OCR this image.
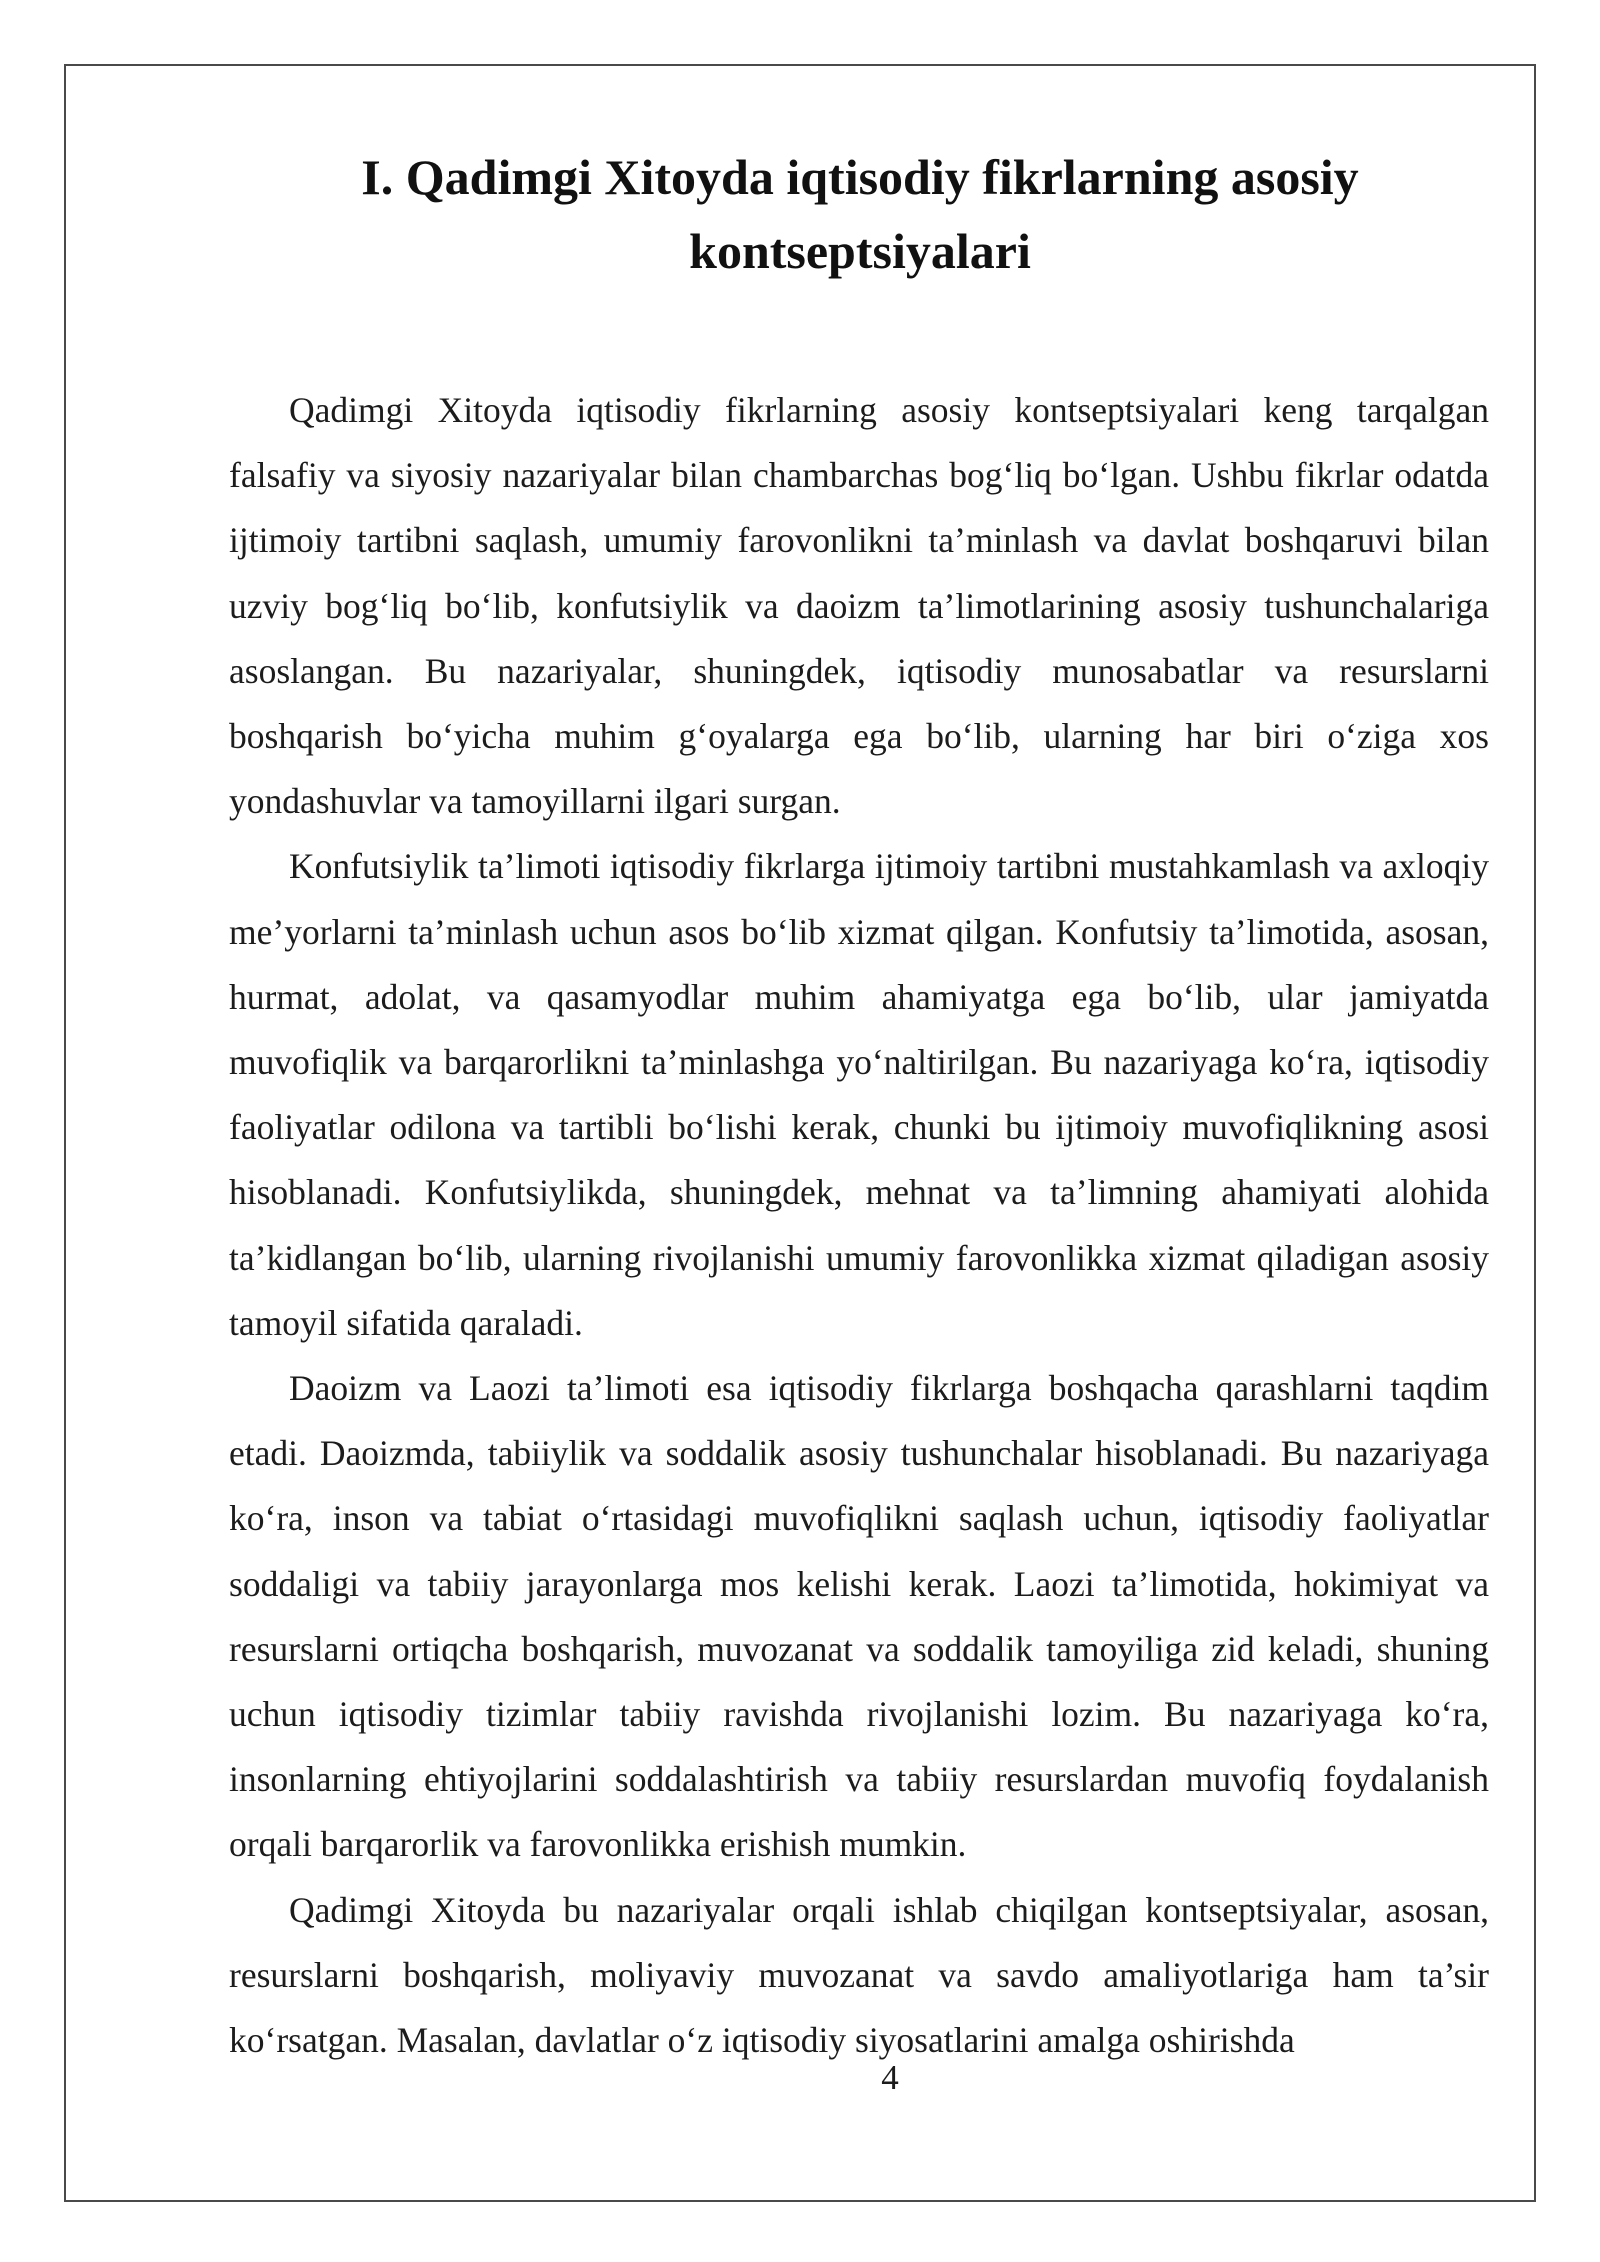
I. Qadimgi Xitoyda iqtisodiy fikrlarning asosiy kontseptsiyalari

Qadimgi Xitoyda iqtisodiy fikrlarning asosiy kontseptsiyalari keng tarqalgan falsafiy va siyosiy nazariyalar bilan chambarchas bog‘liq bo‘lgan. Ushbu fikrlar odatda ijtimoiy tartibni saqlash, umumiy farovonlikni ta’minlash va davlat boshqaruvi bilan uzviy bog‘liq bo‘lib, konfutsiylik va daoizm ta’limotlarining asosiy tushunchalariga asoslangan. Bu nazariyalar, shuningdek, iqtisodiy munosabatlar va resurslarni boshqarish bo‘yicha muhim g‘oyalarga ega bo‘lib, ularning har biri o‘ziga xos yondashuvlar va tamoyillarni ilgari surgan.

Konfutsiylik ta’limoti iqtisodiy fikrlarga ijtimoiy tartibni mustahkamlash va axloqiy me’yorlarni ta’minlash uchun asos bo‘lib xizmat qilgan. Konfutsiy ta’limotida, asosan, hurmat, adolat, va qasamyodlar muhim ahamiyatga ega bo‘lib, ular jamiyatda muvofiqlik va barqarorlikni ta’minlashga yo‘naltirilgan. Bu nazariyaga ko‘ra, iqtisodiy faoliyatlar odilona va tartibli bo‘lishi kerak, chunki bu ijtimoiy muvofiqlikning asosi hisoblanadi. Konfutsiylikda, shuningdek, mehnat va ta’limning ahamiyati alohida ta’kidlangan bo‘lib, ularning rivojlanishi umumiy farovonlikka xizmat qiladigan asosiy tamoyil sifatida qaraladi.

Daoizm va Laozi ta’limoti esa iqtisodiy fikrlarga boshqacha qarashlarni taqdim etadi. Daoizmda, tabiiylik va soddalik asosiy tushunchalar hisoblanadi. Bu nazariyaga ko‘ra, inson va tabiat o‘rtasidagi muvofiqlikni saqlash uchun, iqtisodiy faoliyatlar soddaligi va tabiiy jarayonlarga mos kelishi kerak. Laozi ta’limotida, hokimiyat va resurslarni ortiqcha boshqarish, muvozanat va soddalik tamoyiliga zid keladi, shuning uchun iqtisodiy tizimlar tabiiy ravishda rivojlanishi lozim. Bu nazariyaga ko‘ra, insonlarning ehtiyojlarini soddalashtirish va tabiiy resurslardan muvofiq foydalanish orqali barqarorlik va farovonlikka erishish mumkin.

Qadimgi Xitoyda bu nazariyalar orqali ishlab chiqilgan kontseptsiyalar, asosan, resurslarni boshqarish, moliyaviy muvozanat va savdo amaliyotlariga ham ta’sir ko‘rsatgan. Masalan, davlatlar o‘z iqtisodiy siyosatlarini amalga oshirishda

4
